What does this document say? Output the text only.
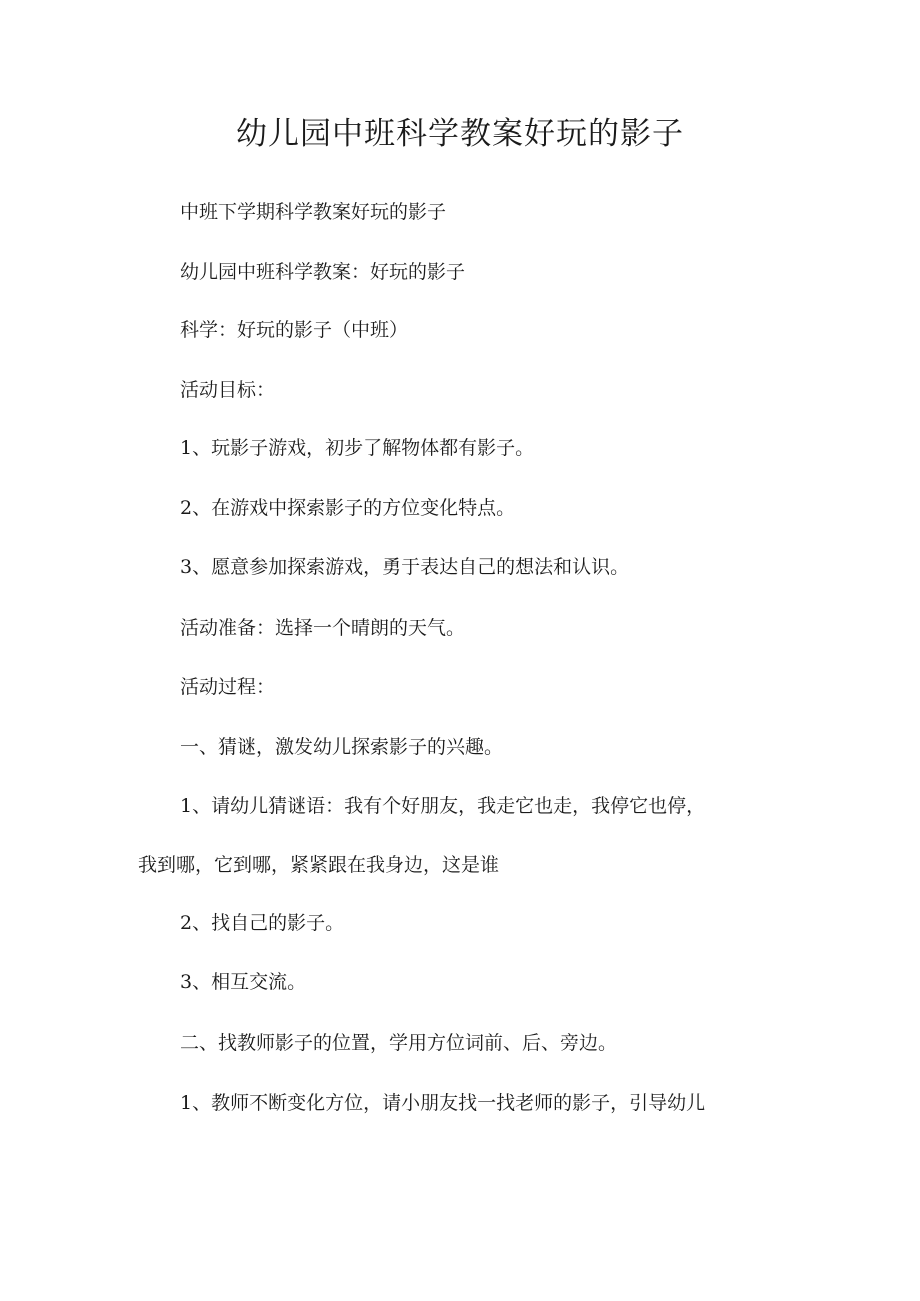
幼儿园中班科学教案好玩的影子

中班下学期科学教案好玩的影子

幼儿园中班科学教案：好玩的影子

科学：好玩的影子（中班）

活动目标：

1、玩影子游戏，初步了解物体都有影子。

2、在游戏中探索影子的方位变化特点。

3、愿意参加探索游戏，勇于表达自己的想法和认识。

活动准备：选择一个晴朗的天气。

活动过程：

一、猜谜，激发幼儿探索影子的兴趣。

1、请幼儿猜谜语：我有个好朋友，我走它也走，我停它也停，

我到哪，它到哪，紧紧跟在我身边，这是谁

2、找自己的影子。

3、相互交流。

二、找教师影子的位置，学用方位词前、后、旁边。

1、教师不断变化方位，请小朋友找一找老师的影子，引导幼儿
